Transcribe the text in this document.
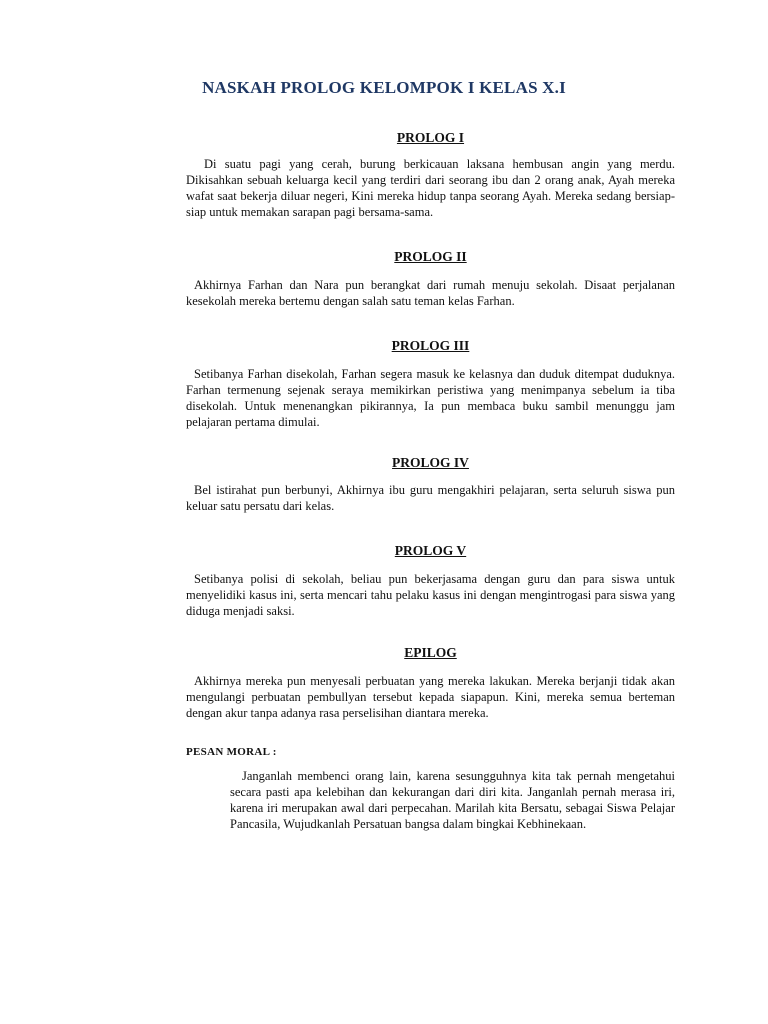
NASKAH PROLOG KELOMPOK I KELAS X.I
PROLOG I

Di suatu pagi yang cerah, burung berkicauan laksana hembusan angin yang merdu. Dikisahkan sebuah keluarga kecil yang terdiri dari seorang ibu dan 2 orang anak, Ayah mereka wafat saat bekerja diluar negeri, Kini mereka hidup tanpa seorang Ayah. Mereka sedang bersiap-siap untuk memakan sarapan pagi bersama-sama.

PROLOG II

Akhirnya Farhan dan Nara pun berangkat dari rumah menuju sekolah. Disaat perjalanan kesekolah mereka bertemu dengan salah satu teman kelas Farhan.

PROLOG III

Setibanya Farhan disekolah, Farhan segera masuk ke kelasnya dan duduk ditempat duduknya. Farhan termenung sejenak seraya memikirkan peristiwa yang menimpanya sebelum ia tiba disekolah. Untuk menenangkan pikirannya, Ia pun membaca buku sambil menunggu jam pelajaran pertama dimulai.

PROLOG IV

Bel istirahat pun berbunyi, Akhirnya ibu guru mengakhiri pelajaran, serta seluruh siswa pun keluar satu persatu dari kelas.

PROLOG V

Setibanya polisi di sekolah, beliau pun bekerjasama dengan guru dan para siswa untuk menyelidiki kasus ini, serta mencari tahu pelaku kasus ini dengan mengintrogasi para siswa yang diduga menjadi saksi.

EPILOG

Akhirnya mereka pun menyesali perbuatan yang mereka lakukan. Mereka berjanji tidak akan mengulangi perbuatan pembullyan tersebut kepada siapapun. Kini, mereka semua berteman dengan akur tanpa adanya rasa perselisihan diantara mereka.

PESAN MORAL :

Janganlah membenci orang lain, karena sesungguhnya kita tak pernah mengetahui secara pasti apa kelebihan dan kekurangan dari diri kita. Janganlah pernah merasa iri, karena iri merupakan awal dari perpecahan. Marilah kita Bersatu, sebagai Siswa Pelajar Pancasila, Wujudkanlah Persatuan bangsa dalam bingkai Kebhinekaan.
